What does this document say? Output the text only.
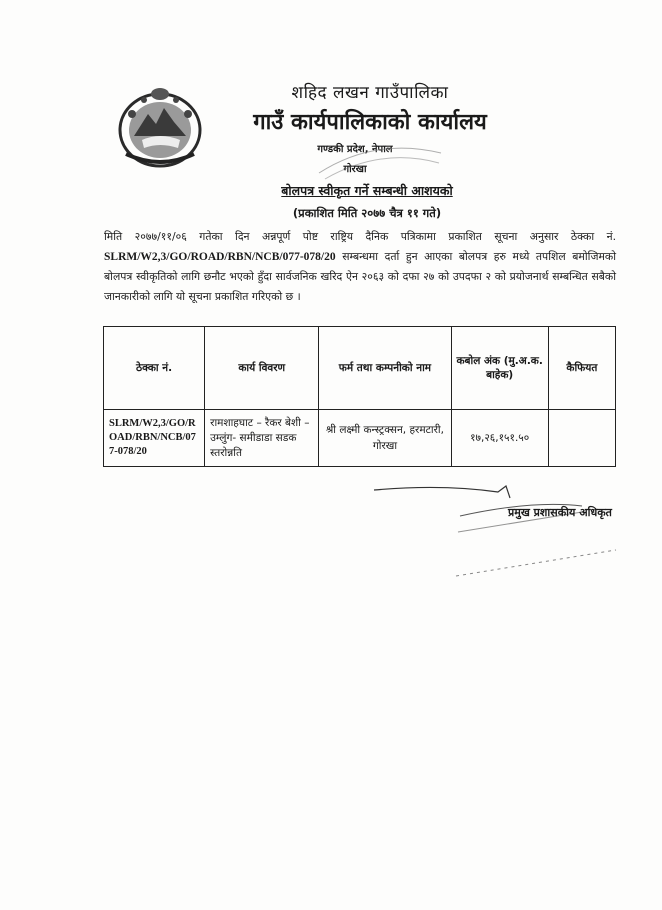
शहिद लखन गाउँपालिका
गाउँ कार्यपालिकाको कार्यालय
गण्डकी प्रदेश, नेपाल
गोरखा
बोलपत्र स्वीकृत गर्ने सम्बन्धी आशयको
(प्रकाशित मिति २०७७ चैत्र ११ गते)
मिति २०७७/११/०६ गतेका दिन अन्नपूर्ण पोष्ट राष्ट्रिय दैनिक पत्रिकामा प्रकाशित सूचना अनुसार ठेक्का नं. SLRM/W2,3/GO/ROAD/RBN/NCB/077-078/20 सम्बन्धमा दर्ता हुन आएका बोलपत्र हरु मध्ये तपशिल बमोजिमको बोलपत्र स्वीकृतिको लागि छनौट भएको हुँदा सार्वजनिक खरिद ऐन २०६३ को दफा २७ को उपदफा २ को प्रयोजनार्थ सम्बन्धित सबैको जानकारीको लागि यो सूचना प्रकाशित गरिएको छ ।
ठेक्का नं.	कार्य विवरण	फर्म तथा कम्पनीको नाम	कबोल अंक (मु.अ.क. बाहेक)	कैफियत
SLRM/W2,3/GO/ROAD/RBN/NCB/077-078/20	रामशाहघाट – रैकर बेशी – उम्लुंग- समीडाडा सडक स्तरोन्नति	श्री लक्ष्मी कन्स्ट्रक्सन, हरमटारी, गोरखा	१७,२६,१५१.५०	
प्रमुख प्रशासकीय अधिकृत
